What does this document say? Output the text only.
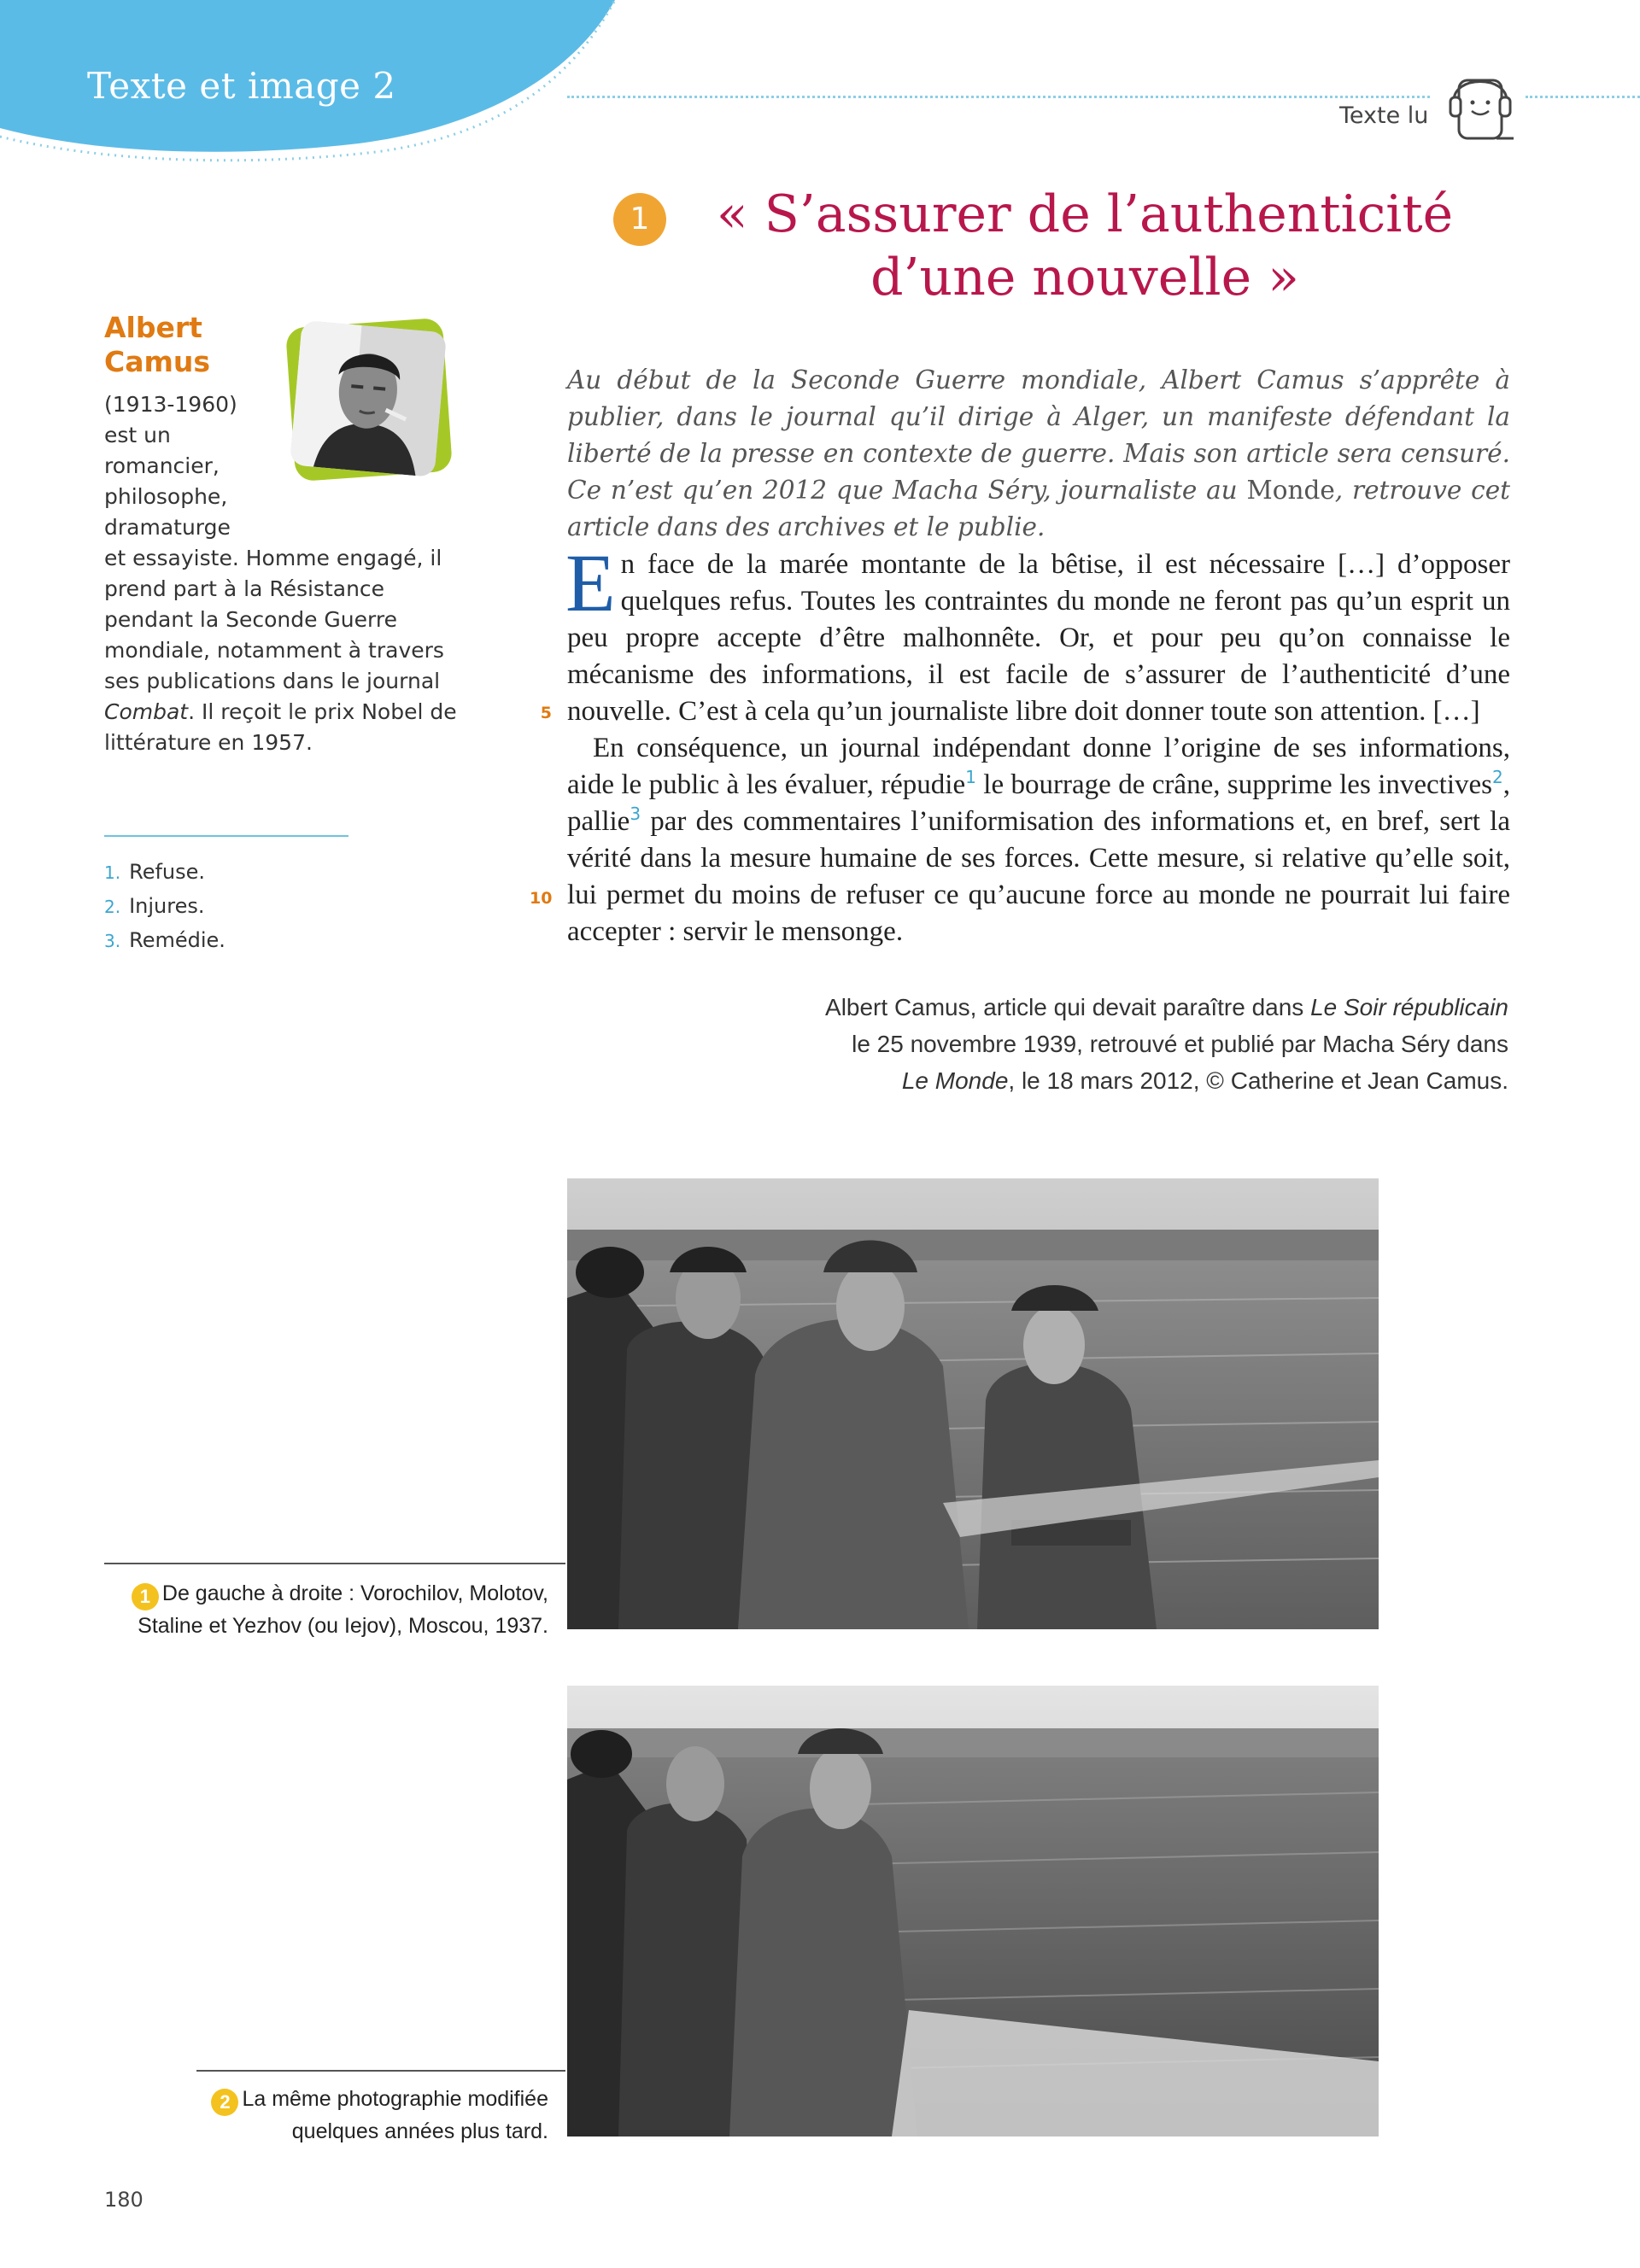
Texte et image 2
Texte lu
1	« S’assurer de l’authenticité d’une nouvelle »
Albert Camus
(1913-1960) est un romancier, philosophe, dramaturge
et essayiste. Homme engagé, il prend part à la Résistance pendant la Seconde Guerre mondiale, notamment à travers ses publications dans le journal Combat. Il reçoit le prix Nobel de littérature en 1957.
1. Refuse.
2. Injures.
3. Remédie.
Au début de la Seconde Guerre mondiale, Albert Camus s’apprête à publier, dans le journal qu’il dirige à Alger, un manifeste défendant la liberté de la presse en contexte de guerre. Mais son article sera censuré. Ce n’est qu’en 2012 que Macha Séry, journaliste au Monde, retrouve cet article dans des archives et le publie.

En face de la marée montante de la bêtise, il est nécessaire […] d’opposer quelques refus. Toutes les contraintes du monde ne feront pas qu’un esprit un peu propre accepte d’être malhonnête. Or, et pour peu qu’on connaisse le mécanisme des informations, il est facile de s’assurer de l’authenticité d’une nouvelle. C’est à cela qu’un journaliste libre doit donner toute son attention. […]

En conséquence, un journal indépendant donne l’origine de ses informations, aide le public à les évaluer, répudie$^1$ le bourrage de crâne, supprime les invectives$^2$, pallie$^3$ par des commentaires l’uniformisation des informations et, en bref, sert la vérité dans la mesure humaine de ses forces. Cette mesure, si relative qu’elle soit, lui permet du moins de refuser ce qu’aucune force au monde ne pourrait lui faire accepter : servir le mensonge.

5
10
Albert Camus, article qui devait paraître dans Le Soir républicain
le 25 novembre 1939, retrouvé et publié par Macha Séry dans
Le Monde, le 18 mars 2012, © Catherine et Jean Camus.
1 De gauche à droite : Vorochilov, Molotov,
Staline et Yezhov (ou Iejov), Moscou, 1937.
2 La même photographie modifiée
quelques années plus tard.
180
